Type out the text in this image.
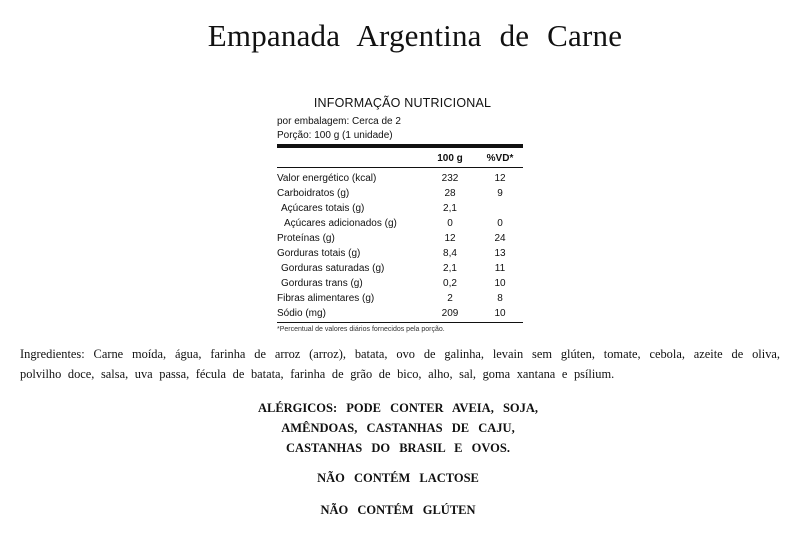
Empanada Argentina de Carne
INFORMAÇÃO NUTRICIONAL
por embalagem: Cerca de 2
Porção: 100 g (1 unidade)
100 g	%VD*
Valor energético (kcal)	232	12
Carboidratos (g)	28	9
Açúcares totais (g)	2,1
Açúcares adicionados (g)	0	0
Proteínas (g)	12	24
Gorduras totais (g)	8,4	13
Gorduras saturadas (g)	2,1	11
Gorduras trans (g)	0,2	10
Fibras alimentares (g)	2	8
Sódio (mg)	209	10
*Percentual de valores diários fornecidos pela porção.
Ingredientes: Carne moída, água, farinha de arroz (arroz), batata, ovo de galinha, levain sem glúten, tomate, cebola, azeite de oliva, polvilho doce, salsa, uva passa, fécula de batata, farinha de grão de bico, alho, sal, goma xantana e psílium.
ALÉRGICOS: PODE CONTER AVEIA, SOJA,
AMÊNDOAS, CASTANHAS DE CAJU,
CASTANHAS DO BRASIL E OVOS.
NÃO CONTÉM LACTOSE
NÃO CONTÉM GLÚTEN
